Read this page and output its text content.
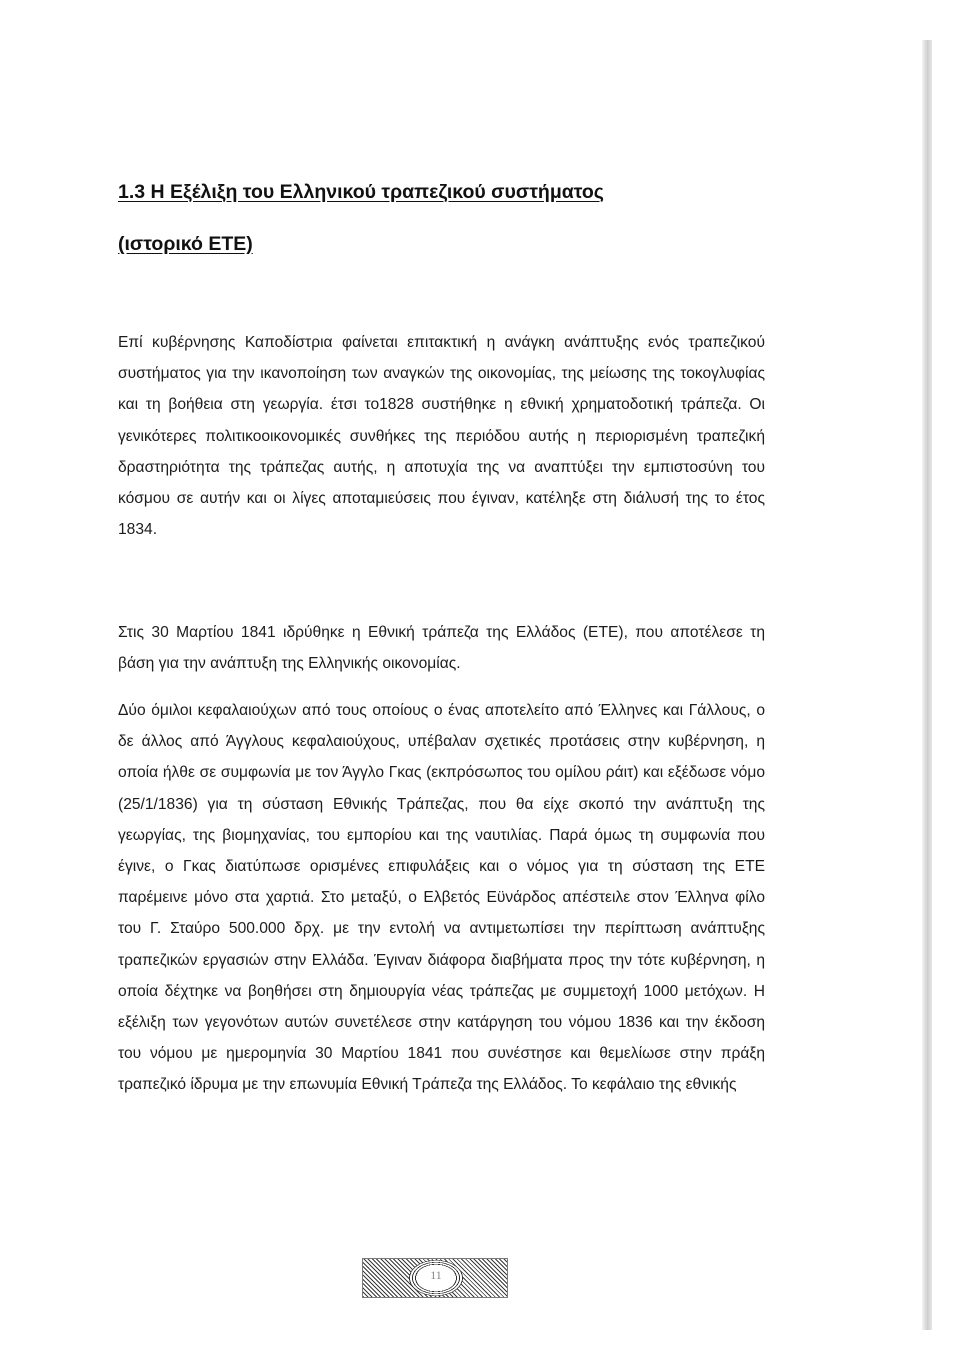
1.3 Η Εξέλιξη του Ελληνικού τραπεζικού συστήματος
(ιστορικό ΕΤΕ)

Επί κυβέρνησης Καποδίστρια φαίνεται επιτακτική η ανάγκη ανάπτυξης ενός τραπεζικού συστήματος για την ικανοποίηση των αναγκών της οικονομίας, της μείωσης της τοκογλυφίας και τη βοήθεια στη γεωργία. έτσι το1828 συστήθηκε η εθνική χρηματοδοτική τράπεζα. Οι γενικότερες πολιτικοοικονομικές συνθήκες της περιόδου αυτής η περιορισμένη τραπεζική δραστηριότητα της τράπεζας αυτής, η αποτυχία της να αναπτύξει την εμπιστοσύνη του κόσμου σε αυτήν και οι λίγες αποταμιεύσεις που έγιναν, κατέληξε στη διάλυσή της το έτος 1834.

Στις 30 Μαρτίου 1841 ιδρύθηκε η Εθνική τράπεζα της Ελλάδος (ΕΤΕ), που αποτέλεσε τη βάση για την ανάπτυξη της Ελληνικής οικονομίας.

Δύο όμιλοι κεφαλαιούχων από τους οποίους ο ένας αποτελείτο από Έλληνες και Γάλλους, ο δε άλλος από Άγγλους κεφαλαιούχους, υπέβαλαν σχετικές προτάσεις στην κυβέρνηση, η οποία ήλθε σε συμφωνία με τον Άγγλο Γκας (εκπρόσωπος του ομίλου ράιτ) και εξέδωσε νόμο (25/1/1836) για τη σύσταση Εθνικής Τράπεζας, που θα είχε σκοπό την ανάπτυξη της γεωργίας, της βιομηχανίας, του εμπορίου και της ναυτιλίας. Παρά όμως τη συμφωνία που έγινε, ο Γκας διατύπωσε ορισμένες επιφυλάξεις και ο νόμος για τη σύσταση της ΕΤΕ παρέμεινε μόνο στα χαρτιά. Στο μεταξύ, ο Ελβετός Εϋνάρδος απέστειλε στον Έλληνα φίλο του Γ. Σταύρο 500.000 δρχ. με την εντολή να αντιμετωπίσει την περίπτωση ανάπτυξης τραπεζικών εργασιών στην Ελλάδα. Έγιναν διάφορα διαβήματα προς την τότε κυβέρνηση, η οποία δέχτηκε να βοηθήσει στη δημιουργία νέας τράπεζας με συμμετοχή 1000 μετόχων. Η εξέλιξη των γεγονότων αυτών συνετέλεσε στην κατάργηση του νόμου 1836 και την έκδοση του νόμου με ημερομηνία 30 Μαρτίου 1841 που συνέστησε και θεμελίωσε στην πράξη τραπεζικό ίδρυμα με την επωνυμία Εθνική Τράπεζα της Ελλάδος. Το κεφάλαιο της εθνικής

11
